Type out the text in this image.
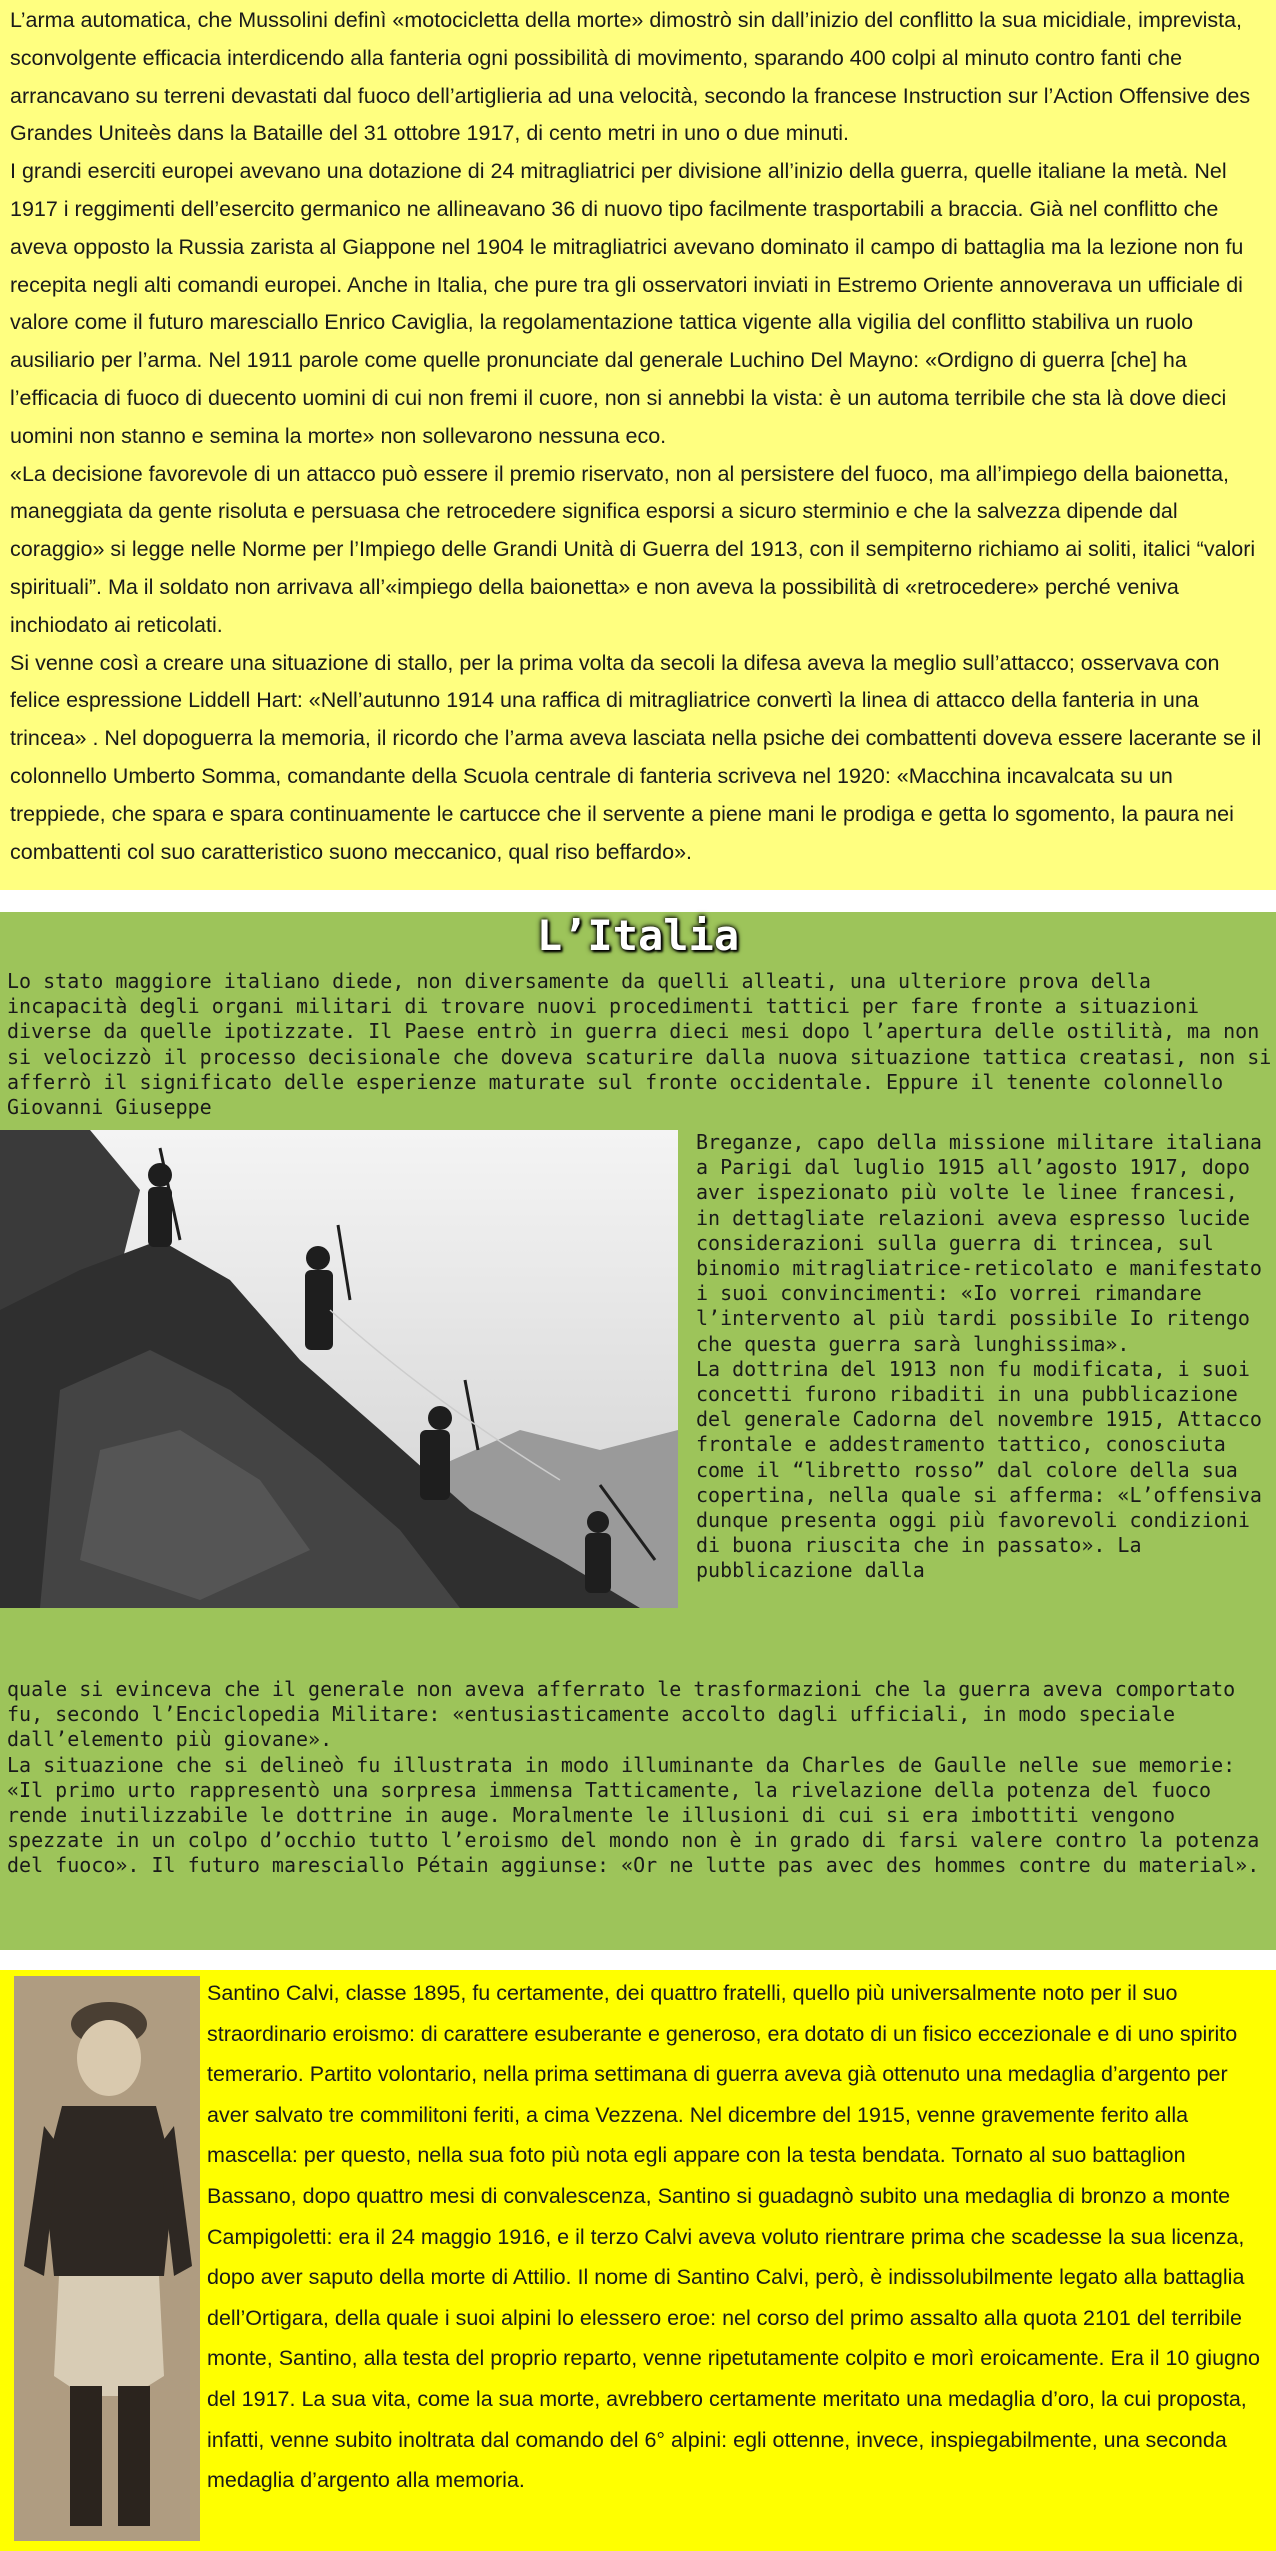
L’arma automatica, che Mussolini definì «motocicletta della morte» dimostrò sin dall’inizio del conflitto la sua micidiale, imprevista, sconvolgente efficacia interdicendo alla fanteria ogni possibilità di movimento, sparando 400 colpi al minuto contro fanti che arrancavano su terreni devastati dal fuoco dell’artiglieria ad una velocità, secondo la francese Instruction sur l’Action Offensive des Grandes Uniteès dans la Bataille del 31 ottobre 1917, di cento metri in uno o due minuti.

I grandi eserciti europei avevano una dotazione di 24 mitragliatrici per divisione all’inizio della guerra, quelle italiane la metà. Nel 1917 i reggimenti dell’esercito germanico ne allineavano 36 di nuovo tipo facilmente trasportabili a braccia. Già nel conflitto che aveva opposto la Russia zarista al Giappone nel 1904 le mitragliatrici avevano dominato il campo di battaglia ma la lezione non fu recepita negli alti comandi europei. Anche in Italia, che pure tra gli osservatori inviati in Estremo Oriente annoverava un ufficiale di valore come il futuro maresciallo Enrico Caviglia, la regolamentazione tattica vigente alla vigilia del conflitto stabiliva un ruolo ausiliario per l’arma. Nel 1911 parole come quelle pronunciate dal generale Luchino Del Mayno: «Ordigno di guerra [che] ha l’efficacia di fuoco di duecento uomini di cui non fremi il cuore, non si annebbi la vista: è un automa terribile che sta là dove dieci uomini non stanno e semina la morte» non sollevarono nessuna eco.

«La decisione favorevole di un attacco può essere il premio riservato, non al persistere del fuoco, ma all’impiego della baionetta, maneggiata da gente risoluta e persuasa che retrocedere significa esporsi a sicuro sterminio e che la salvezza dipende dal coraggio» si legge nelle Norme per l’Impiego delle Grandi Unità di Guerra del 1913, con il sempiterno richiamo ai soliti, italici “valori spirituali”. Ma il soldato non arrivava all’«impiego della baionetta» e non aveva la possibilità di «retrocedere» perché veniva inchiodato ai reticolati.

Si venne così a creare una situazione di stallo, per la prima volta da secoli la difesa aveva la meglio sull’attacco; osservava con felice espressione Liddell Hart: «Nell’autunno 1914 una raffica di mitragliatrice convertì la linea di attacco della fanteria in una trincea» . Nel dopoguerra la memoria, il ricordo che l’arma aveva lasciata nella psiche dei combattenti doveva essere lacerante se il colonnello Umberto Somma, comandante della Scuola centrale di fanteria scriveva nel 1920: «Macchina incavalcata su un treppiede, che spara e spara continuamente le cartucce che il servente a piene mani le prodiga e getta lo sgomento, la paura nei combattenti col suo caratteristico suono meccanico, qual riso beffardo».

L’Italia

Lo stato maggiore italiano diede, non diversamente da quelli alleati, una ulteriore prova della incapacità degli organi militari di trovare nuovi procedimenti tattici per fare fronte a situazioni diverse da quelle ipotizzate. Il Paese entrò in guerra dieci mesi dopo l’apertura delle ostilità, ma non si velocizzò il processo decisionale che doveva scaturire dalla nuova situazione tattica creatasi, non si afferrò il significato delle esperienze maturate sul fronte occidentale. Eppure il tenente colonnello Giovanni Giuseppe

Breganze, capo della missione militare italiana a Parigi dal luglio 1915 all’agosto 1917, dopo aver ispezionato più volte le linee francesi, in dettagliate relazioni aveva espresso lucide considerazioni sulla guerra di trincea, sul binomio mitragliatrice-reticolato e manifestato i suoi convincimenti: «Io vorrei rimandare l’intervento al più tardi possibile Io ritengo che questa guerra sarà lunghissima».

La dottrina del 1913 non fu modificata, i suoi concetti furono ribaditi in una pubblicazione del generale Cadorna del novembre 1915, Attacco frontale e addestramento tattico, conosciuta come il “libretto rosso” dal colore della sua copertina, nella quale si afferma: «L’offensiva dunque presenta oggi più favorevoli condizioni di buona riuscita che in passato». La pubblicazione dalla

quale si evinceva che il generale non aveva afferrato le trasformazioni che la guerra aveva comportato fu, secondo l’Enciclopedia Militare: «entusiasticamente accolto dagli ufficiali, in modo speciale dall’elemento più giovane».

La situazione che si delineò fu illustrata in modo illuminante da Charles de Gaulle nelle sue memorie: «Il primo urto rappresentò una sorpresa immensa Tatticamente, la rivelazione della potenza del fuoco rende inutilizzabile le dottrine in auge. Moralmente le illusioni di cui si era imbottiti vengono spezzate in un colpo d’occhio tutto l’eroismo del mondo non è in grado di farsi valere contro la potenza del fuoco». Il futuro maresciallo Pétain aggiunse: «Or ne lutte pas avec des hommes contre du material».

Santino Calvi, classe 1895, fu certamente, dei quattro fratelli, quello più universalmente noto per il suo straordinario eroismo: di carattere esuberante e generoso, era dotato di un fisico eccezionale e di uno spirito temerario. Partito volontario, nella prima settimana di guerra aveva già ottenuto una medaglia d’argento per aver salvato tre commilitoni feriti, a cima Vezzena. Nel dicembre del 1915, venne gravemente ferito alla mascella: per questo, nella sua foto più nota egli appare con la testa bendata. Tornato al suo battaglion Bassano, dopo quattro mesi di convalescenza, Santino si guadagnò subito una medaglia di bronzo a monte Campigoletti: era il 24 maggio 1916, e il terzo Calvi aveva voluto rientrare prima che scadesse la sua licenza, dopo aver saputo della morte di Attilio. Il nome di Santino Calvi, però, è indissolubilmente legato alla battaglia dell’Ortigara, della quale i suoi alpini lo elessero eroe: nel corso del primo assalto alla quota 2101 del terribile monte, Santino, alla testa del proprio reparto, venne ripetutamente colpito e morì eroicamente. Era il 10 giugno del 1917. La sua vita, come la sua morte, avrebbero certamente meritato una medaglia d’oro, la cui proposta, infatti, venne subito inoltrata dal comando del 6° alpini: egli ottenne, invece, inspiegabilmente, una seconda medaglia d’argento alla memoria.
